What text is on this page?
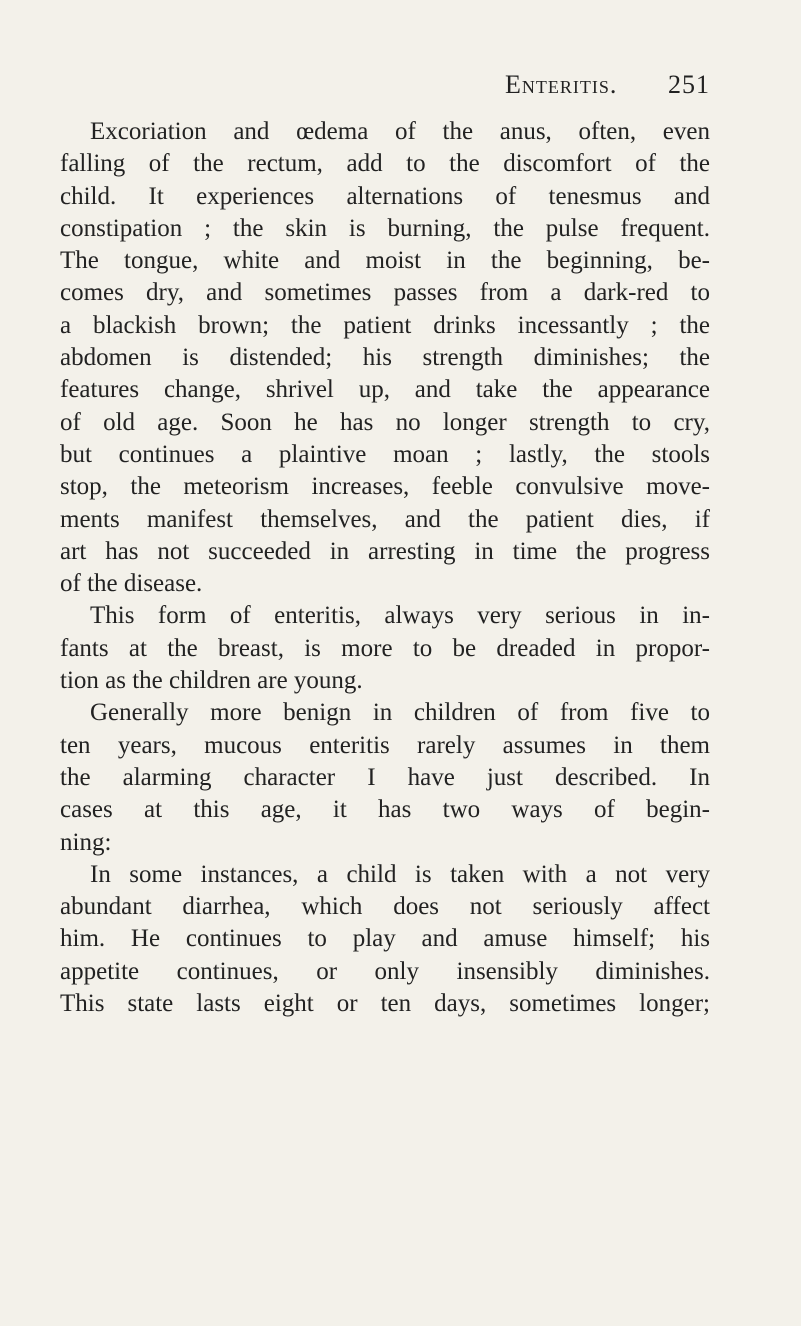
Enteritis. 251
Excoriation and œdema of the anus, often, even
falling of the rectum, add to the discomfort of the
child. It experiences alternations of tenesmus and
constipation ; the skin is burning, the pulse frequent.
The tongue, white and moist in the beginning, be-
comes dry, and sometimes passes from a dark-red to
a blackish brown; the patient drinks incessantly ; the
abdomen is distended; his strength diminishes; the
features change, shrivel up, and take the appearance
of old age. Soon he has no longer strength to cry,
but continues a plaintive moan ; lastly, the stools
stop, the meteorism increases, feeble convulsive move-
ments manifest themselves, and the patient dies, if
art has not succeeded in arresting in time the progress
of the disease.
This form of enteritis, always very serious in in-
fants at the breast, is more to be dreaded in propor-
tion as the children are young.
Generally more benign in children of from five to
ten years, mucous enteritis rarely assumes in them
the alarming character I have just described. In
cases at this age, it has two ways of begin-
ning:
In some instances, a child is taken with a not very
abundant diarrhea, which does not seriously affect
him. He continues to play and amuse himself; his
appetite continues, or only insensibly diminishes.
This state lasts eight or ten days, sometimes longer;
